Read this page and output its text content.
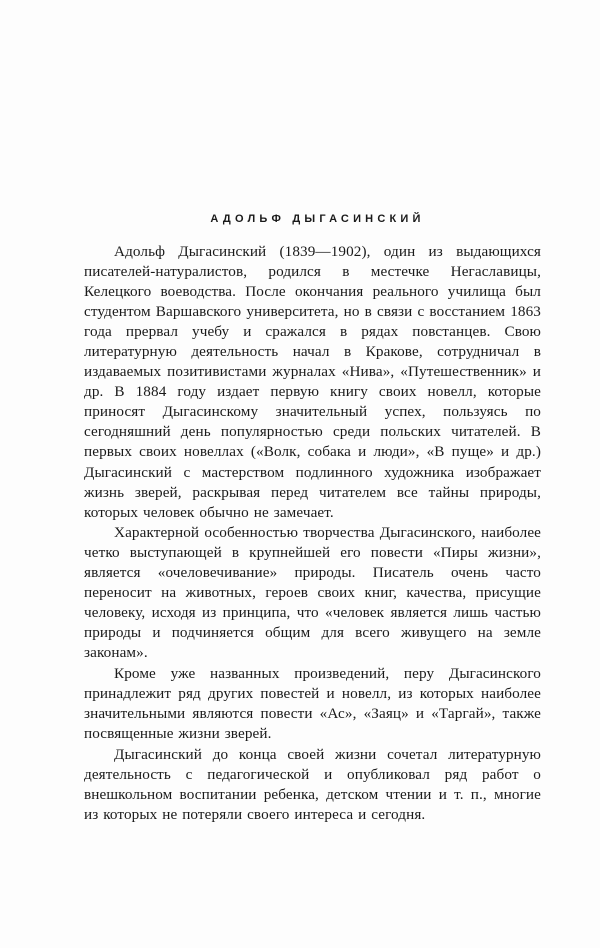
АДОЛЬФ ДЫГАСИНСКИЙ

Адольф Дыгасинский (1839—1902), один из выдающихся писателей-натуралистов, родился в местечке Негаславицы, Келецкого воеводства. После окончания реального училища был студентом Варшавского университета, но в связи с восстанием 1863 года прервал учебу и сражался в рядах повстанцев. Свою литературную деятельность начал в Кракове, сотрудничал в издаваемых позитивистами журналах «Нива», «Путешественник» и др. В 1884 году издает первую книгу своих новелл, которые приносят Дыгасинскому значительный успех, пользуясь по сегодняшний день популярностью среди польских читателей. В первых своих новеллах («Волк, собака и люди», «В пуще» и др.) Дыгасинский с мастерством подлинного художника изображает жизнь зверей, раскрывая перед читателем все тайны природы, которых человек обычно не замечает.

Характерной особенностью творчества Дыгасинского, наиболее четко выступающей в крупнейшей его повести «Пиры жизни», является «очеловечивание» природы. Писатель очень часто переносит на животных, героев своих книг, качества, присущие человеку, исходя из принципа, что «человек является лишь частью природы и подчиняется общим для всего живущего на земле законам».

Кроме уже названных произведений, перу Дыгасинского принадлежит ряд других повестей и новелл, из которых наиболее значительными являются повести «Ас», «Заяц» и «Таргай», также посвященные жизни зверей.

Дыгасинский до конца своей жизни сочетал литературную деятельность с педагогической и опубликовал ряд работ о внешкольном воспитании ребенка, детском чтении и т. п., многие из которых не потеряли своего интереса и сегодня.
